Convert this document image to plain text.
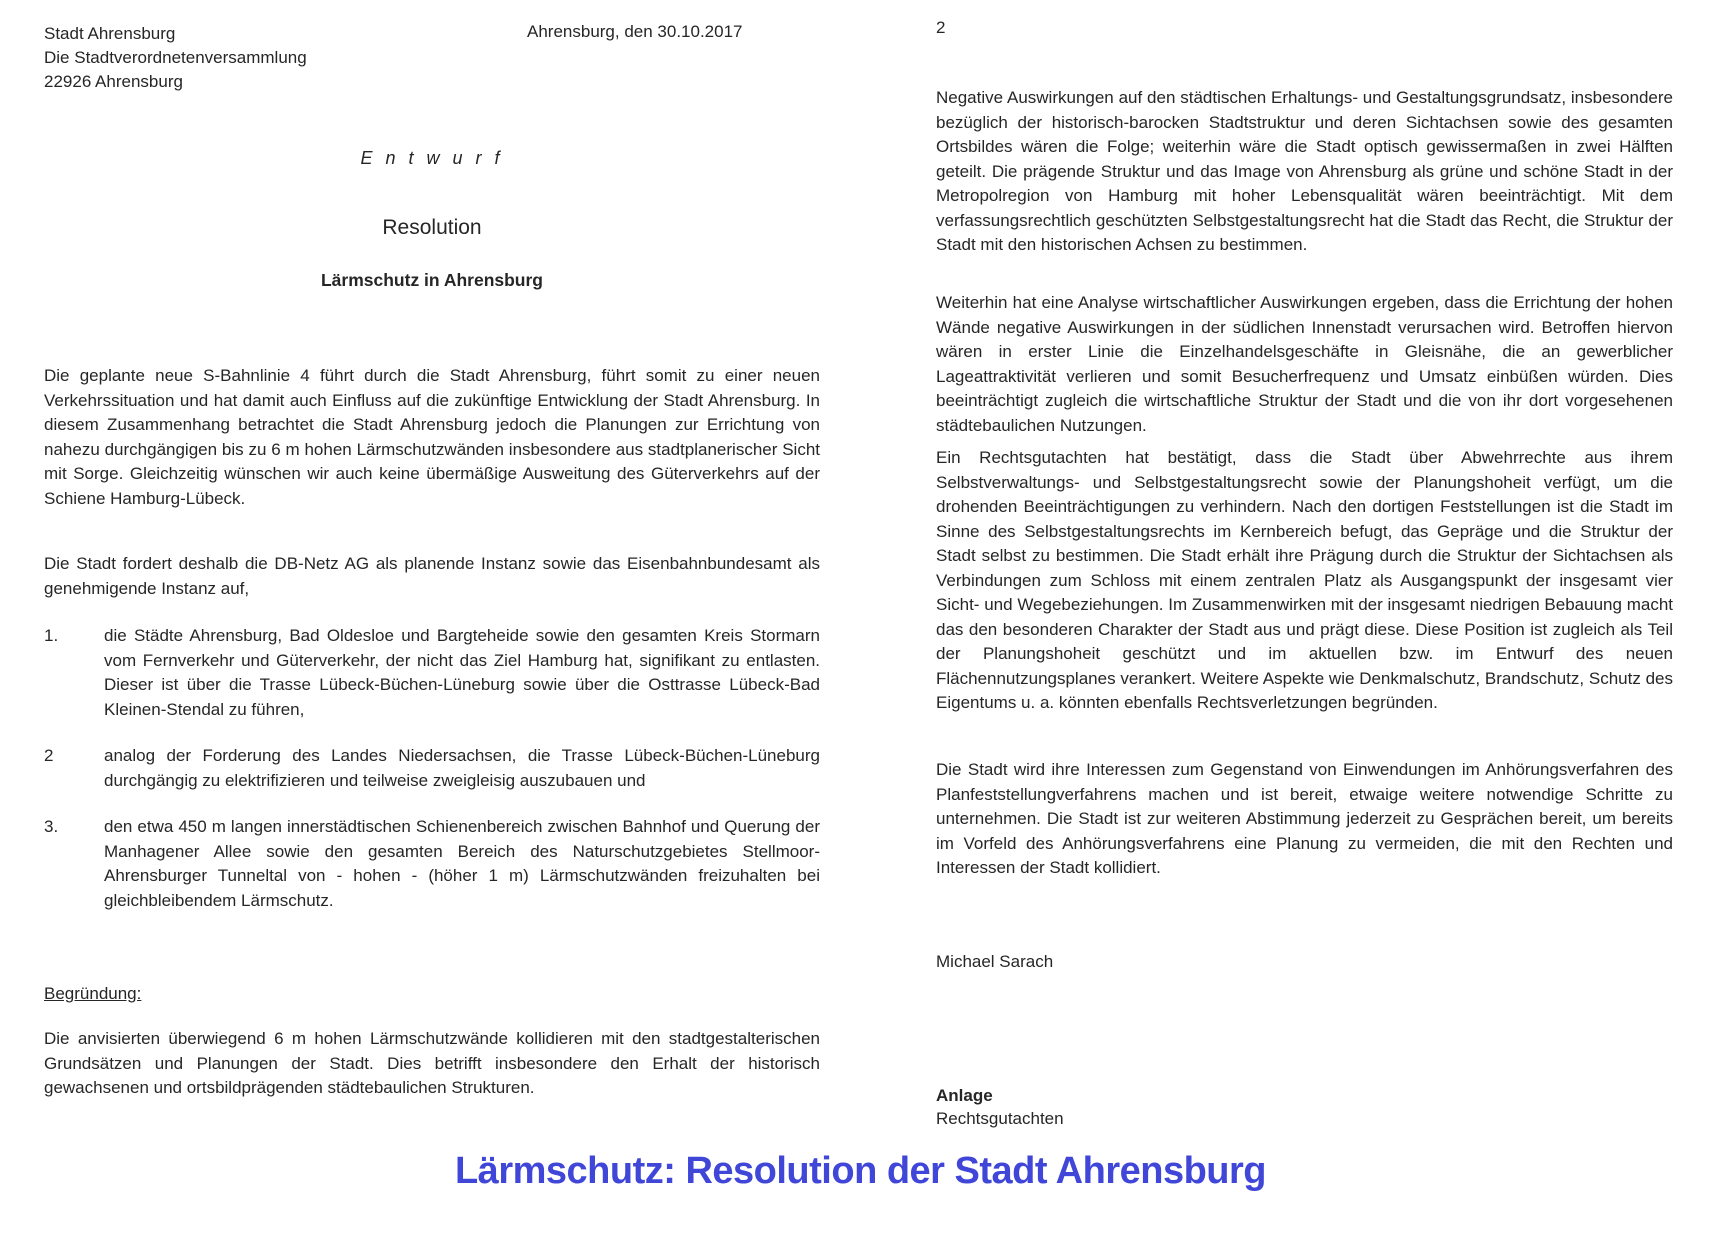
Stadt Ahrensburg
Die Stadtverordnetenversammlung
22926 Ahrensburg
Ahrensburg, den 30.10.2017
E n t w u r f
Resolution
Lärmschutz in Ahrensburg
Die geplante neue S-Bahnlinie 4 führt durch die Stadt Ahrensburg, führt somit zu einer neuen Verkehrssituation und hat damit auch Einfluss auf die zukünftige Entwicklung der Stadt Ahrensburg. In diesem Zusammenhang betrachtet die Stadt Ahrensburg jedoch die Planungen zur Errichtung von nahezu durchgängigen bis zu 6 m hohen Lärmschutzwänden insbesondere aus stadtplanerischer Sicht mit Sorge. Gleichzeitig wünschen wir auch keine übermäßige Ausweitung des Güterverkehrs auf der Schiene Hamburg-Lübeck.
Die Stadt fordert deshalb die DB-Netz AG als planende Instanz sowie das Eisenbahnbundesamt als genehmigende Instanz auf,
1.	die Städte Ahrensburg, Bad Oldesloe und Bargteheide sowie den gesamten Kreis Stormarn vom Fernverkehr und Güterverkehr, der nicht das Ziel Hamburg hat, signifikant zu entlasten. Dieser ist über die Trasse Lübeck-Büchen-Lüneburg sowie über die Osttrasse Lübeck-Bad Kleinen-Stendal zu führen,
2	analog der Forderung des Landes Niedersachsen, die Trasse Lübeck-Büchen-Lüneburg durchgängig zu elektrifizieren und teilweise zweigleisig auszubauen und
3.	den etwa 450 m langen innerstädtischen Schienenbereich zwischen Bahnhof und Querung der Manhagener Allee sowie den gesamten Bereich des Naturschutzgebietes Stellmoor-Ahrensburger Tunneltal von - hohen - (höher 1 m) Lärmschutzwänden freizuhalten bei gleichbleibendem Lärmschutz.
Begründung:
Die anvisierten überwiegend 6 m hohen Lärmschutzwände kollidieren mit den stadtgestalterischen Grundsätzen und Planungen der Stadt. Dies betrifft insbesondere den Erhalt der historisch gewachsenen und ortsbildprägenden städtebaulichen Strukturen.
2
Negative Auswirkungen auf den städtischen Erhaltungs- und Gestaltungsgrundsatz, insbesondere bezüglich der historisch-barocken Stadtstruktur und deren Sichtachsen sowie des gesamten Ortsbildes wären die Folge; weiterhin wäre die Stadt optisch gewissermaßen in zwei Hälften geteilt. Die prägende Struktur und das Image von Ahrensburg als grüne und schöne Stadt in der Metropolregion von Hamburg mit hoher Lebensqualität wären beeinträchtigt. Mit dem verfassungsrechtlich geschützten Selbstgestaltungsrecht hat die Stadt das Recht, die Struktur der Stadt mit den historischen Achsen zu bestimmen.
Weiterhin hat eine Analyse wirtschaftlicher Auswirkungen ergeben, dass die Errichtung der hohen Wände negative Auswirkungen in der südlichen Innenstadt verursachen wird. Betroffen hiervon wären in erster Linie die Einzelhandelsgeschäfte in Gleisnähe, die an gewerblicher Lageattraktivität verlieren und somit Besucherfrequenz und Umsatz einbüßen würden. Dies beeinträchtigt zugleich die wirtschaftliche Struktur der Stadt und die von ihr dort vorgesehenen städtebaulichen Nutzungen.
Ein Rechtsgutachten hat bestätigt, dass die Stadt über Abwehrrechte aus ihrem Selbstverwaltungs- und Selbstgestaltungsrecht sowie der Planungshoheit verfügt, um die drohenden Beeinträchtigungen zu verhindern. Nach den dortigen Feststellungen ist die Stadt im Sinne des Selbstgestaltungsrechts im Kernbereich befugt, das Gepräge und die Struktur der Stadt selbst zu bestimmen. Die Stadt erhält ihre Prägung durch die Struktur der Sichtachsen als Verbindungen zum Schloss mit einem zentralen Platz als Ausgangspunkt der insgesamt vier Sicht- und Wegebeziehungen. Im Zusammenwirken mit der insgesamt niedrigen Bebauung macht das den besonderen Charakter der Stadt aus und prägt diese. Diese Position ist zugleich als Teil der Planungshoheit geschützt und im aktuellen bzw. im Entwurf des neuen Flächennutzungsplanes verankert. Weitere Aspekte wie Denkmalschutz, Brandschutz, Schutz des Eigentums u. a. könnten ebenfalls Rechtsverletzungen begründen.
Die Stadt wird ihre Interessen zum Gegenstand von Einwendungen im Anhörungsverfahren des Planfeststellungverfahrens machen und ist bereit, etwaige weitere notwendige Schritte zu unternehmen. Die Stadt ist zur weiteren Abstimmung jederzeit zu Gesprächen bereit, um bereits im Vorfeld des Anhörungsverfahrens eine Planung zu vermeiden, die mit den Rechten und Interessen der Stadt kollidiert.
Michael Sarach
Anlage
Rechtsgutachten
Lärmschutz: Resolution der Stadt Ahrensburg
